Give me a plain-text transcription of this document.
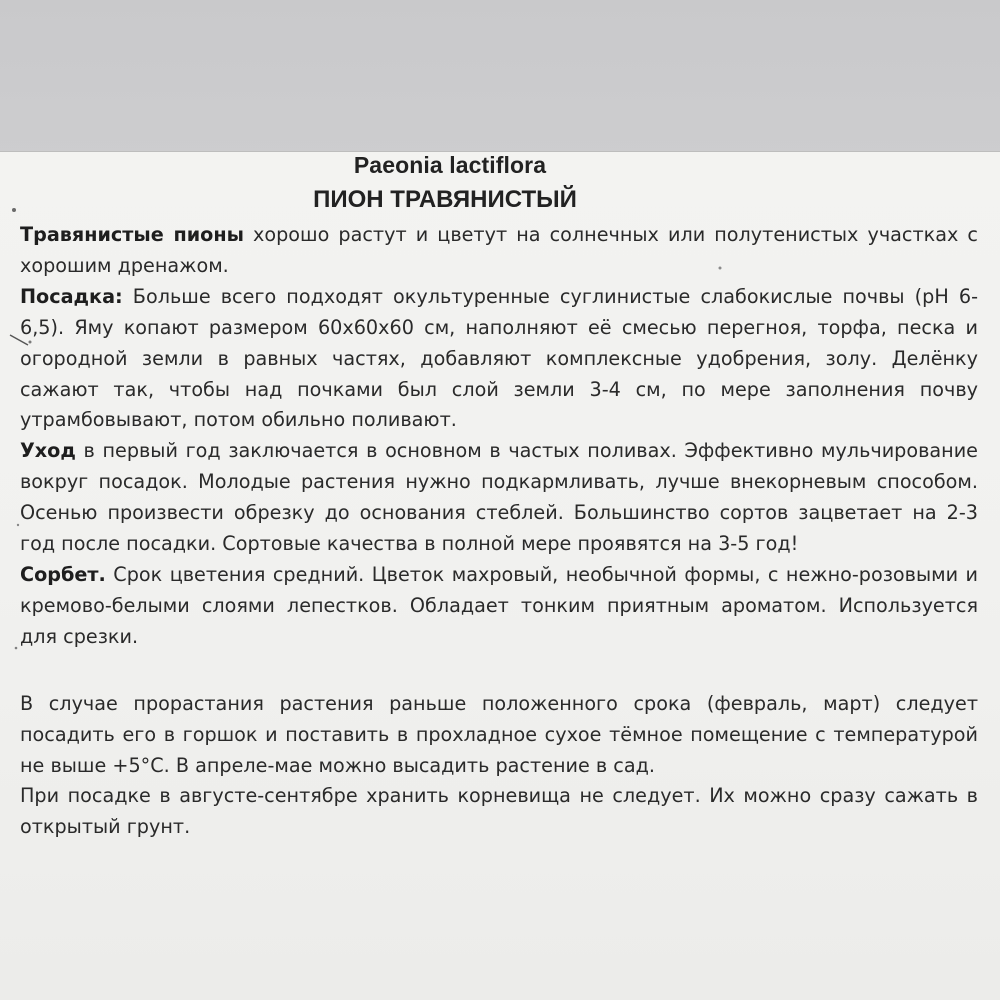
Paeonia lactiflora
ПИОН ТРАВЯНИСТЫЙ

Травянистые пионы хорошо растут и цветут на солнечных или полутенистых участках с хорошим дренажом.

Посадка: Больше всего подходят окультуренные суглинистые слабокислые почвы (рН 6-6,5). Яму копают размером 60х60х60 см, наполняют её смесью перегноя, торфа, песка и огородной земли в равных частях, добавляют комплексные удобрения, золу. Делёнку сажают так, чтобы над почками был слой земли 3-4 см, по мере заполнения почву утрамбовывают, потом обильно поливают.

Уход в первый год заключается в основном в частых поливах. Эффективно мульчирование вокруг посадок. Молодые растения нужно подкармливать, лучше внекорневым способом. Осенью произвести обрезку до основания стеблей. Большинство сортов зацветает на 2-3 год после посадки. Сортовые качества в полной мере проявятся на 3-5 год!

Сорбет. Срок цветения средний. Цветок махровый, необычной формы, с нежно-розовыми и кремово-белыми слоями лепестков. Обладает тонким приятным ароматом. Используется для срезки.

В случае прорастания растения раньше положенного срока (февраль, март) следует посадить его в горшок и поставить в прохладное сухое тёмное помещение с температурой не выше +5°С. В апреле-мае можно высадить растение в сад.

При посадке в августе-сентябре хранить корневища не следует. Их можно сразу сажать в открытый грунт.
